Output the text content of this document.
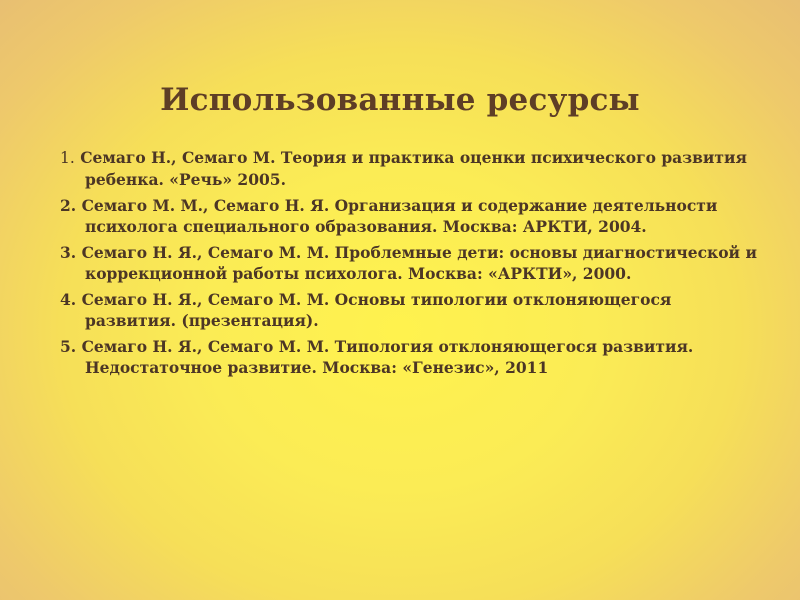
Использованные ресурсы
1. Семаго Н., Семаго М. Теория и практика оценки психического развития
ребенка. «Речь» 2005.
2. Семаго М. М., Семаго Н. Я. Организация и содержание деятельности
психолога специального образования. Москва: АРКТИ, 2004.
3. Семаго Н. Я., Семаго М. М. Проблемные дети: основы диагностической и
коррекционной работы психолога. Москва: «АРКТИ», 2000.
4. Семаго Н. Я., Семаго М. М. Основы типологии отклоняющегося
развития. (презентация).
5. Семаго Н. Я., Семаго М. М. Типология отклоняющегося развития.
Недостаточное развитие. Москва: «Генезис», 2011
